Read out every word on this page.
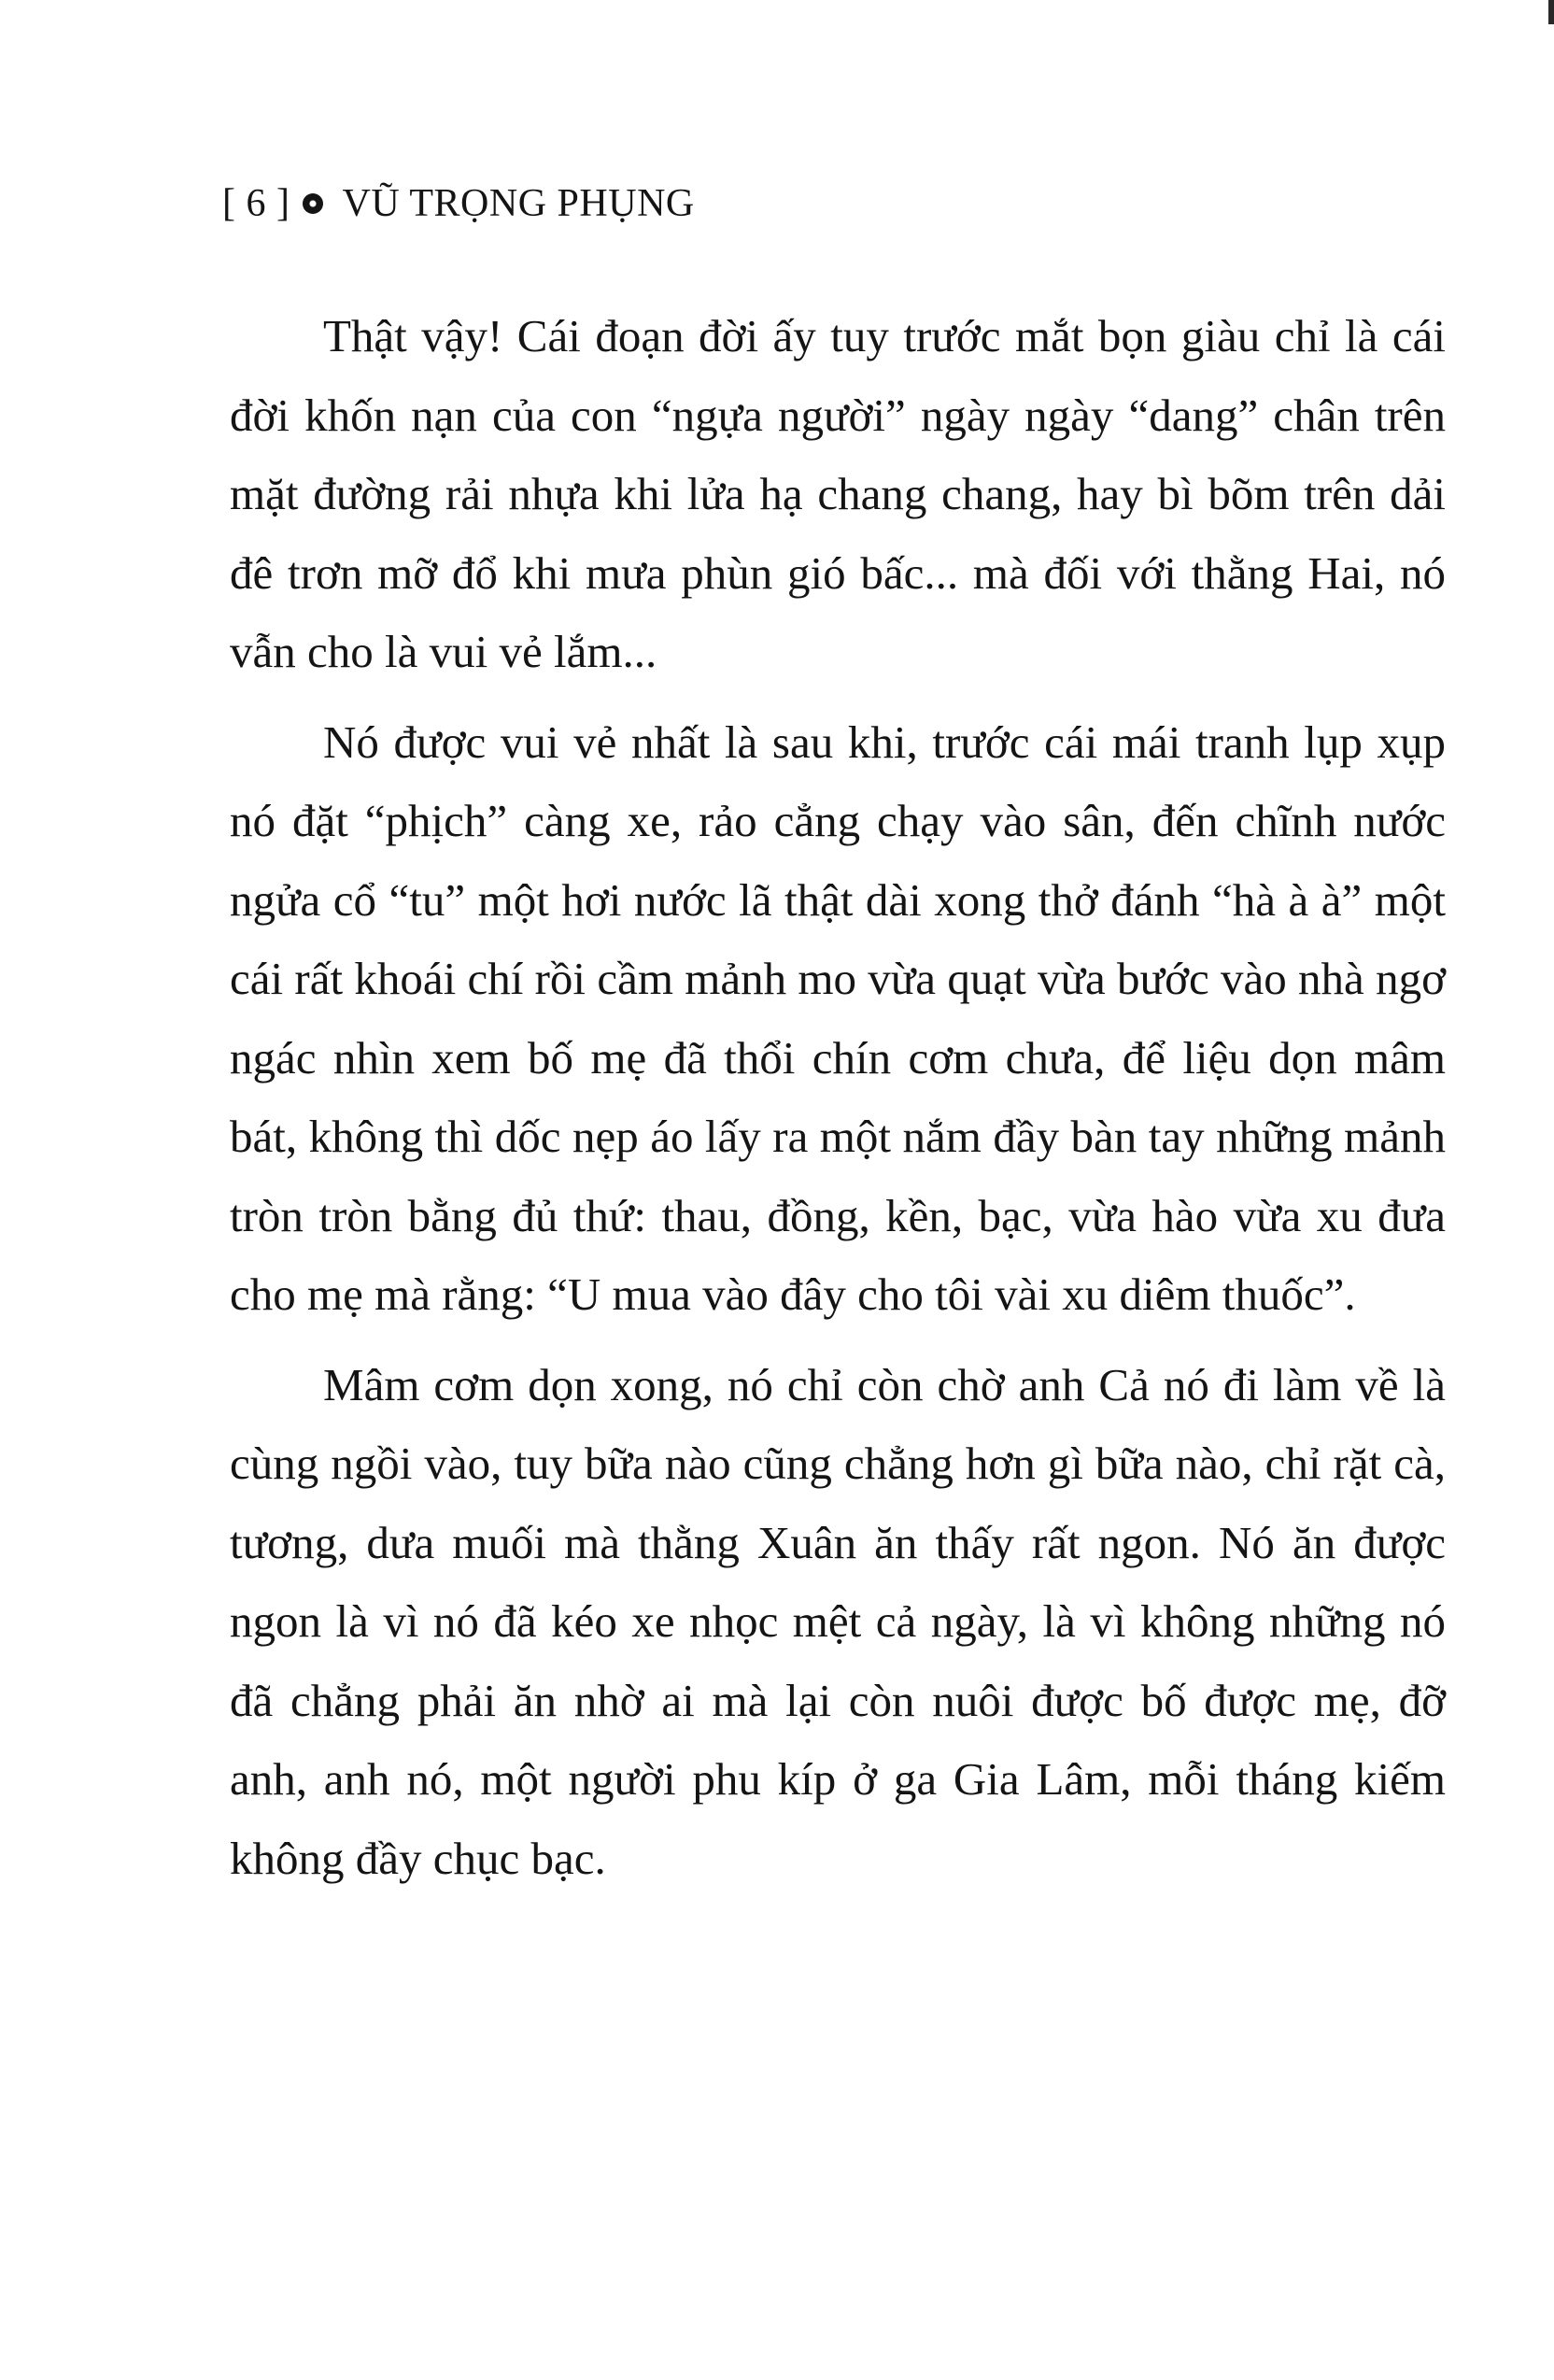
[ 6 ] VŨ TRỌNG PHỤNG

Thật vậy! Cái đoạn đời ấy tuy trước mắt bọn giàu chỉ là cái đời khốn nạn của con “ngựa người” ngày ngày “dang” chân trên mặt đường rải nhựa khi lửa hạ chang chang, hay bì bõm trên dải đê trơn mỡ đổ khi mưa phùn gió bấc... mà đối với thằng Hai, nó vẫn cho là vui vẻ lắm...

Nó được vui vẻ nhất là sau khi, trước cái mái tranh lụp xụp nó đặt “phịch” càng xe, rảo cẳng chạy vào sân, đến chĩnh nước ngửa cổ “tu” một hơi nước lã thật dài xong thở đánh “hà à à” một cái rất khoái chí rồi cầm mảnh mo vừa quạt vừa bước vào nhà ngơ ngác nhìn xem bố mẹ đã thổi chín cơm chưa, để liệu dọn mâm bát, không thì dốc nẹp áo lấy ra một nắm đầy bàn tay những mảnh tròn tròn bằng đủ thứ: thau, đồng, kền, bạc, vừa hào vừa xu đưa cho mẹ mà rằng: “U mua vào đây cho tôi vài xu diêm thuốc”.

Mâm cơm dọn xong, nó chỉ còn chờ anh Cả nó đi làm về là cùng ngồi vào, tuy bữa nào cũng chẳng hơn gì bữa nào, chỉ rặt cà, tương, dưa muối mà thằng Xuân ăn thấy rất ngon. Nó ăn được ngon là vì nó đã kéo xe nhọc mệt cả ngày, là vì không những nó đã chẳng phải ăn nhờ ai mà lại còn nuôi được bố được mẹ, đỡ anh, anh nó, một người phu kíp ở ga Gia Lâm, mỗi tháng kiếm không đầy chục bạc.
